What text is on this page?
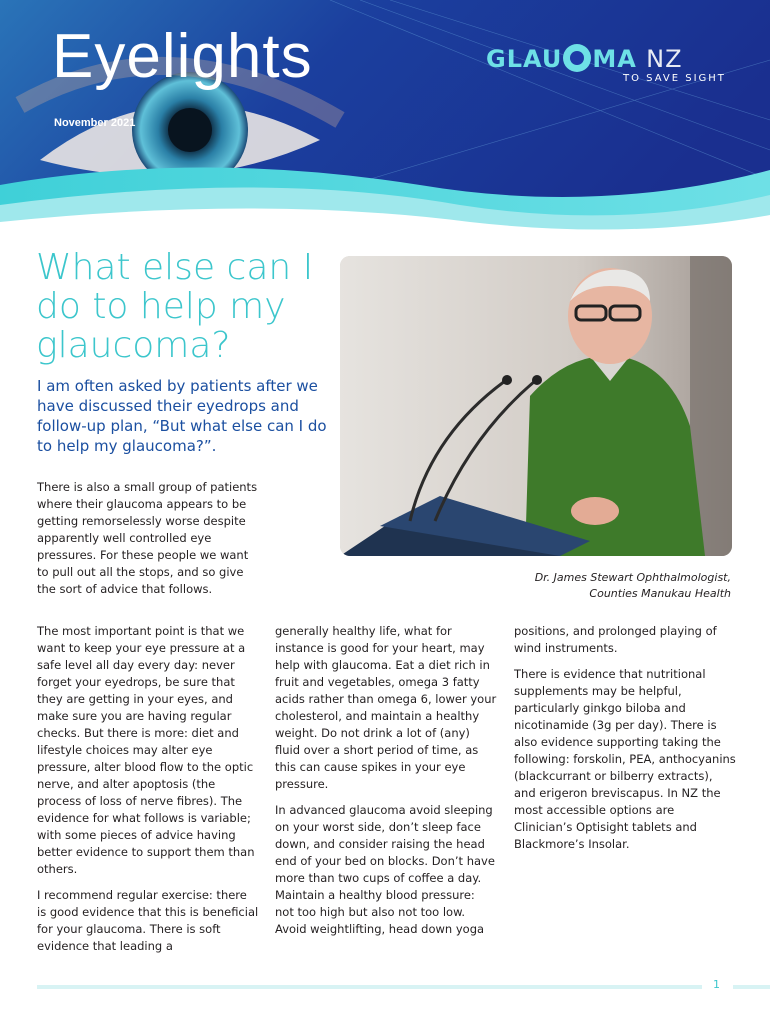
Eyelights
November 2021
GLAU MA NZ
TO SAVE SIGHT
What else can I do to help my glaucoma?
I am often asked by patients after we have discussed their eyedrops and follow-up plan, “But what else can I do to help my glaucoma?”.
Dr. James Stewart Ophthalmologist,
Counties Manukau Health

There is also a small group of patients where their glaucoma appears to be getting remorselessly worse despite apparently well controlled eye pressures. For these people we want to pull out all the stops, and so give the sort of advice that follows.

The most important point is that we want to keep your eye pressure at a safe level all day every day: never forget your eyedrops, be sure that they are getting in your eyes, and make sure you are having regular checks. But there is more: diet and lifestyle choices may alter eye pressure, alter blood flow to the optic nerve, and alter apoptosis (the process of loss of nerve fibres). The evidence for what follows is variable; with some pieces of advice having better evidence to support them than others.

I recommend regular exercise: there is good evidence that this is beneficial for your glaucoma. There is soft evidence that leading a

generally healthy life, what for instance is good for your heart, may help with glaucoma. Eat a diet rich in fruit and vegetables, omega 3 fatty acids rather than omega 6, lower your cholesterol, and maintain a healthy weight. Do not drink a lot of (any) fluid over a short period of time, as this can cause spikes in your eye pressure.

In advanced glaucoma avoid sleeping on your worst side, don’t sleep face down, and consider raising the head end of your bed on blocks. Don’t have more than two cups of coffee a day. Maintain a healthy blood pressure: not too high but also not too low. Avoid weightlifting, head down yoga

positions, and prolonged playing of wind instruments.

There is evidence that nutritional supplements may be helpful, particularly ginkgo biloba and nicotinamide (3g per day). There is also evidence supporting taking the following: forskolin, PEA, anthocyanins (blackcurrant or bilberry extracts), and erigeron breviscapus. In NZ the most accessible options are Clinician’s Optisight tablets and Blackmore’s Insolar.

1
